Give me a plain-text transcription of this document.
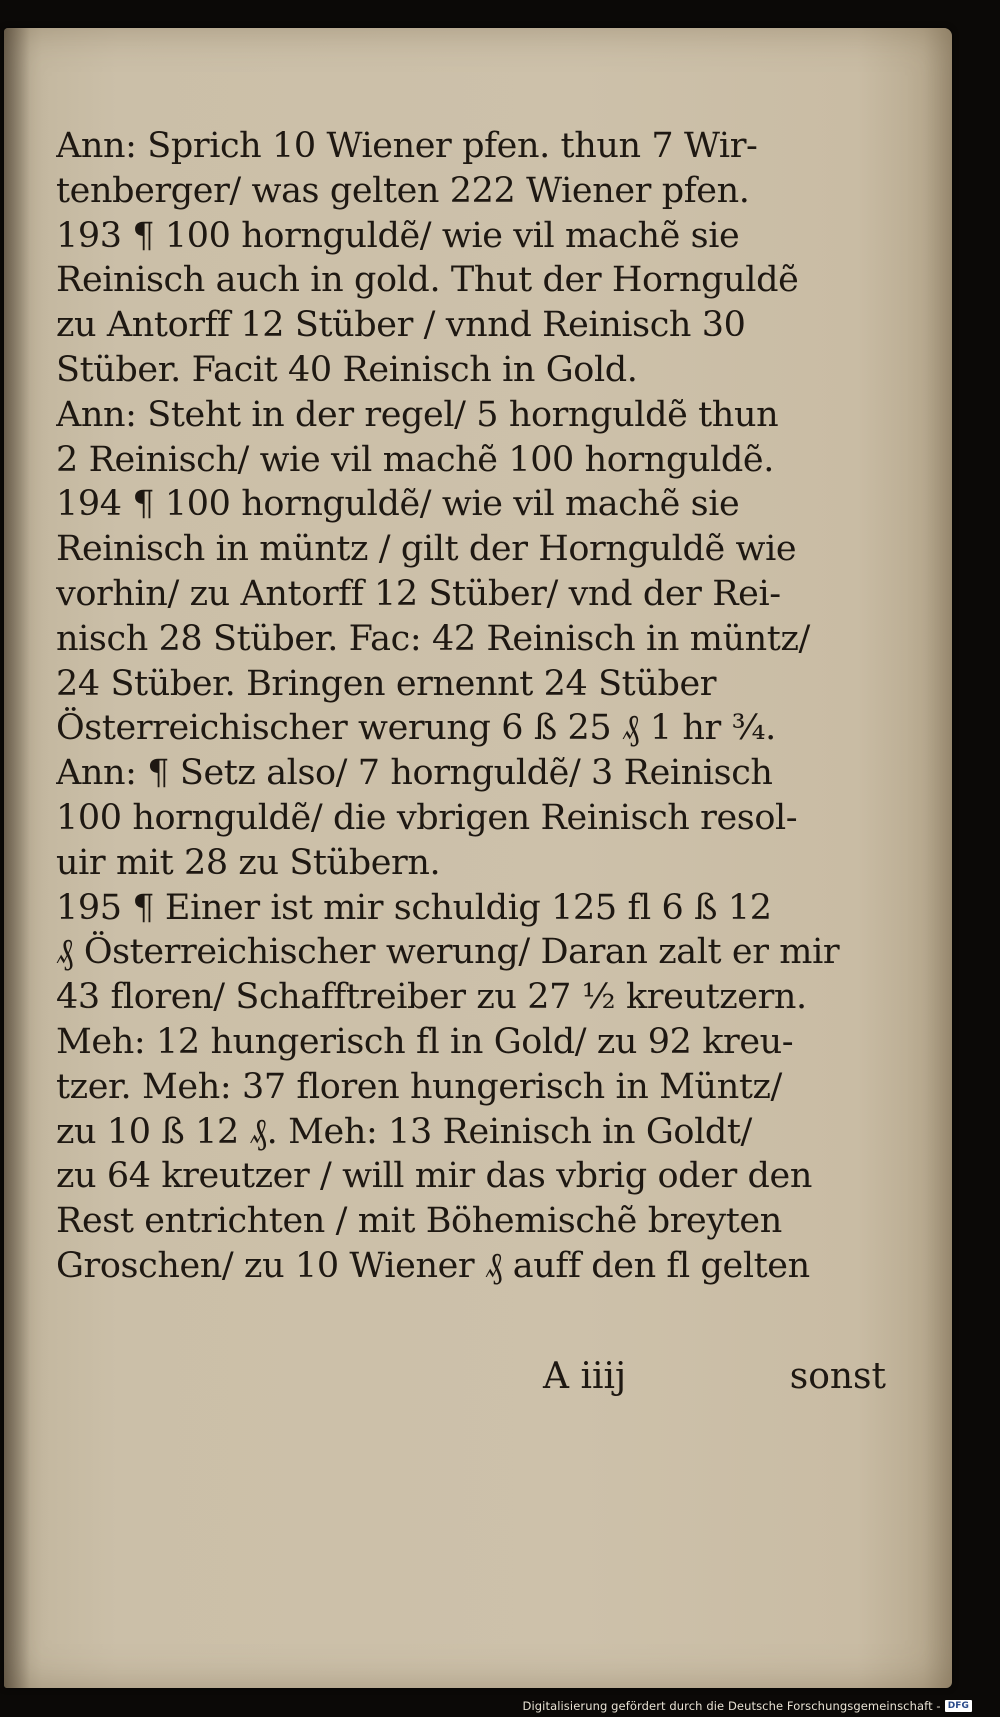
Ann: Sprich 10 Wiener pfen. thun 7 Wir-
tenberger/ was gelten 222 Wiener pfen.
193 ¶ 100 hornguldẽ/ wie vil machẽ sie
Reinisch auch in gold. Thut der Hornguldẽ
zu Antorff 12 Stüber / vnnd Reinisch 30
Stüber. Facit 40 Reinisch in Gold.
Ann: Steht in der regel/ 5 hornguldẽ thun
2 Reinisch/ wie vil machẽ 100 hornguldẽ.
194 ¶ 100 hornguldẽ/ wie vil machẽ sie
Reinisch in müntz / gilt der Hornguldẽ wie
vorhin/ zu Antorff 12 Stüber/ vnd der Rei-
nisch 28 Stüber. Fac: 42 Reinisch in müntz/
24 Stüber. Bringen ernennt 24 Stüber
Österreichischer werung 6 ß 25 ₰ 1 hr ¾.
Ann: ¶ Setz also/ 7 hornguldẽ/ 3 Reinisch
100 hornguldẽ/ die vbrigen Reinisch resol-
uir mit 28 zu Stübern.
195 ¶ Einer ist mir schuldig 125 fl 6 ß 12
₰ Österreichischer werung/ Daran zalt er mir
43 floren/ Schafftreiber zu 27 ½ kreutzern.
Meh: 12 hungerisch fl in Gold/ zu 92 kreu-
tzer. Meh: 37 floren hungerisch in Müntz/
zu 10 ß 12 ₰. Meh: 13 Reinisch in Goldt/
zu 64 kreutzer / will mir das vbrig oder den
Rest entrichten / mit Böhemischẽ breyten
Groschen/ zu 10 Wiener ₰ auff den fl gelten
A iiij	sonst
Digitalisierung gefördert durch die Deutsche Forschungsgemeinschaft - DFG
